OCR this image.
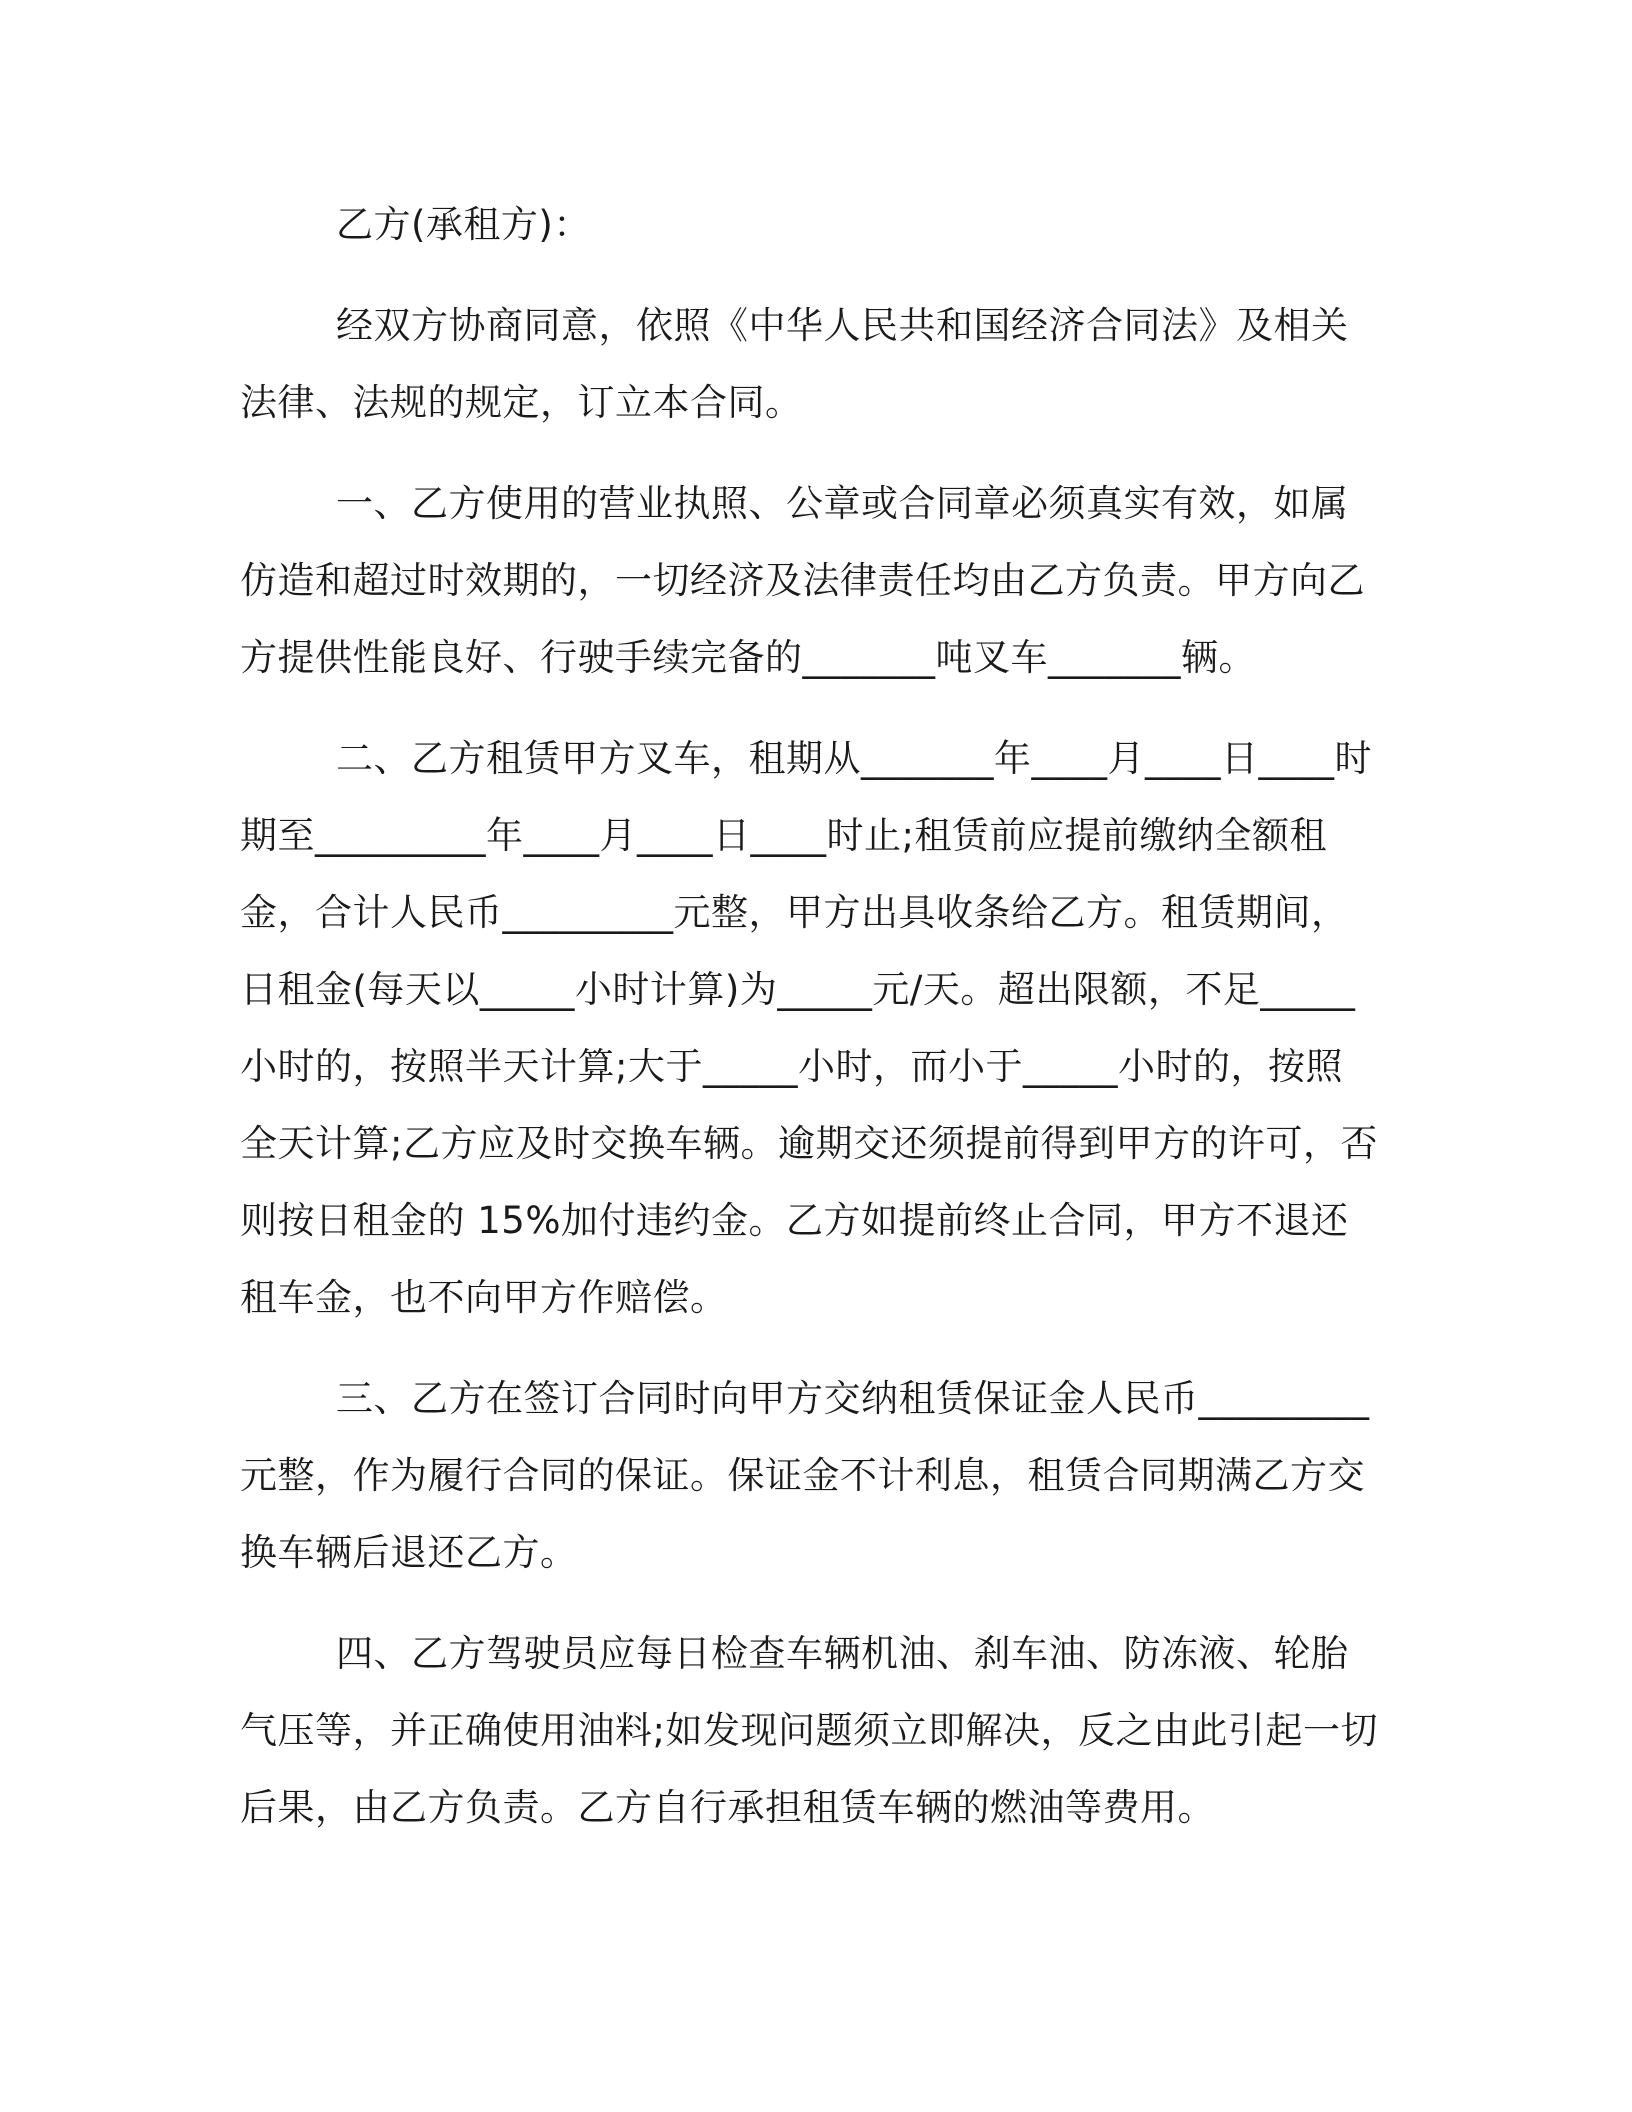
乙方(承租方)：

经双方协商同意，依照《中华人民共和国经济合同法》及相关法律、法规的规定，订立本合同。

一、乙方使用的营业执照、公章或合同章必须真实有效，如属仿造和超过时效期的，一切经济及法律责任均由乙方负责。甲方向乙方提供性能良好、行驶手续完备的_______吨叉车_______辆。

二、乙方租赁甲方叉车，租期从_______年____月____日____时期至_________年____月____日____时止;租赁前应提前缴纳全额租金，合计人民币_________元整，甲方出具收条给乙方。租赁期间，日租金(每天以_____小时计算)为_____元/天。超出限额，不足_____小时的，按照半天计算;大于_____小时，而小于_____小时的，按照全天计算;乙方应及时交换车辆。逾期交还须提前得到甲方的许可，否则按日租金的 15%加付违约金。乙方如提前终止合同，甲方不退还租车金，也不向甲方作赔偿。

三、乙方在签订合同时向甲方交纳租赁保证金人民币_________元整，作为履行合同的保证。保证金不计利息，租赁合同期满乙方交换车辆后退还乙方。

四、乙方驾驶员应每日检查车辆机油、刹车油、防冻液、轮胎气压等，并正确使用油料;如发现问题须立即解决，反之由此引起一切后果，由乙方负责。乙方自行承担租赁车辆的燃油等费用。
